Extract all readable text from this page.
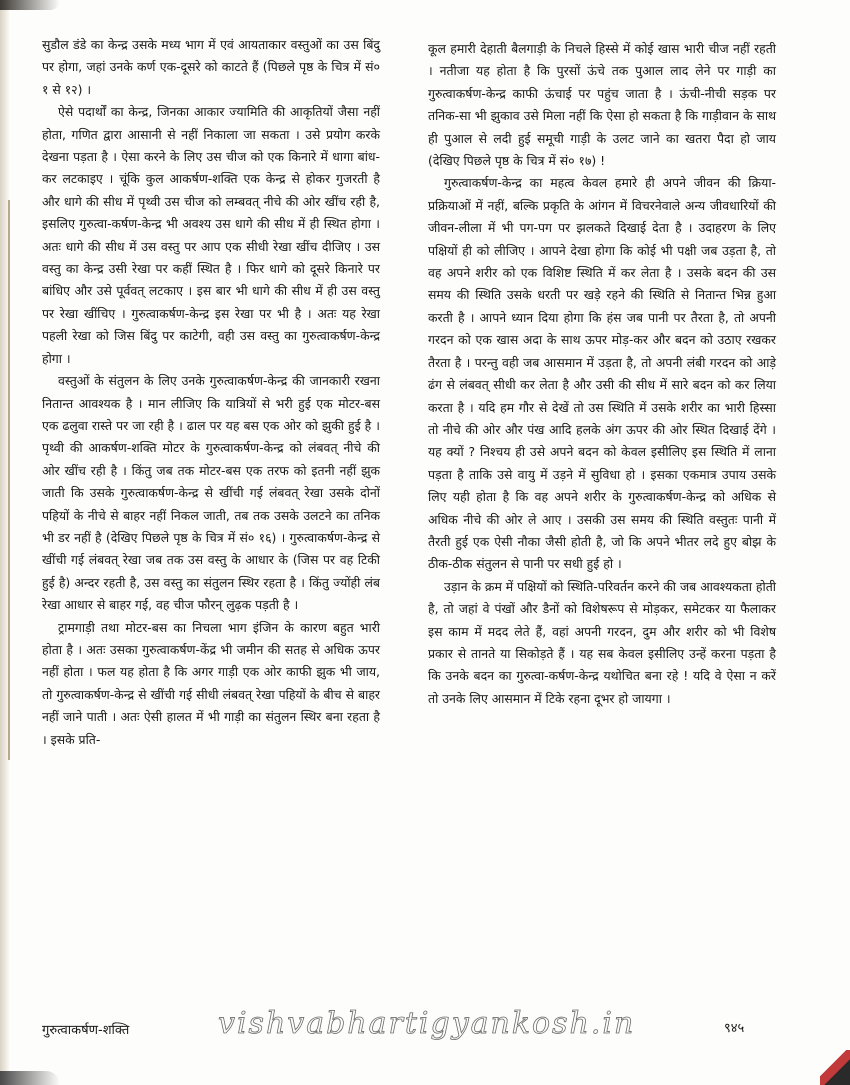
सुडौल डंडे का केन्द्र उसके मध्य भाग में एवं आयताकार वस्तुओं का उस बिंदु पर होगा, जहां उनके कर्ण एक-दूसरे को काटते हैं (पिछले पृष्ठ के चित्र में सं० १ से १२) ।

ऐसे पदार्थों का केन्द्र, जिनका आकार ज्यामिति की आकृतियों जैसा नहीं होता, गणित द्वारा आसानी से नहीं निकाला जा सकता । उसे प्रयोग करके देखना पड़ता है । ऐसा करने के लिए उस चीज को एक किनारे में धागा बांध-कर लटकाइए । चूंकि कुल आकर्षण-शक्ति एक केन्द्र से होकर गुजरती है और धागे की सीध में पृथ्वी उस चीज को लम्बवत् नीचे की ओर खींच रही है, इसलिए गुरुत्वा-कर्षण-केन्द्र भी अवश्य उस धागे की सीध में ही स्थित होगा । अतः धागे की सीध में उस वस्तु पर आप एक सीधी रेखा खींच दीजिए । उस वस्तु का केन्द्र उसी रेखा पर कहीं स्थित है । फिर धागे को दूसरे किनारे पर बांधिए और उसे पूर्ववत् लटकाए । इस बार भी धागे की सीध में ही उस वस्तु पर रेखा खींचिए । गुरुत्वाकर्षण-केन्द्र इस रेखा पर भी है । अतः यह रेखा पहली रेखा को जिस बिंदु पर काटेगी, वही उस वस्तु का गुरुत्वाकर्षण-केन्द्र होगा ।

वस्तुओं के संतुलन के लिए उनके गुरुत्वाकर्षण-केन्द्र की जानकारी रखना नितान्त आवश्यक है । मान लीजिए कि यात्रियों से भरी हुई एक मोटर-बस एक ढलुवा रास्ते पर जा रही है । ढाल पर यह बस एक ओर को झुकी हुई है । पृथ्वी की आकर्षण-शक्ति मोटर के गुरुत्वाकर्षण-केन्द्र को लंबवत् नीचे की ओर खींच रही है । किंतु जब तक मोटर-बस एक तरफ को इतनी नहीं झुक जाती कि उसके गुरुत्वाकर्षण-केन्द्र से खींची गई लंबवत् रेखा उसके दोनों पहियों के नीचे से बाहर नहीं निकल जाती, तब तक उसके उलटने का तनिक भी डर नहीं है (देखिए पिछले पृष्ठ के चित्र में सं० १६) । गुरुत्वाकर्षण-केन्द्र से खींची गई लंबवत् रेखा जब तक उस वस्तु के आधार के (जिस पर वह टिकी हुई है) अन्दर रहती है, उस वस्तु का संतुलन स्थिर रहता है । किंतु ज्योंही लंब रेखा आधार से बाहर गई, वह चीज फौरन् लुढ़क पड़ती है ।

ट्रामगाड़ी तथा मोटर-बस का निचला भाग इंजिन के कारण बहुत भारी होता है । अतः उसका गुरुत्वाकर्षण-केंद्र भी जमीन की सतह से अधिक ऊपर नहीं होता । फल यह होता है कि अगर गाड़ी एक ओर काफी झुक भी जाय, तो गुरुत्वाकर्षण-केन्द्र से खींची गई सीधी लंबवत् रेखा पहियों के बीच से बाहर नहीं जाने पाती । अतः ऐसी हालत में भी गाड़ी का संतुलन स्थिर बना रहता है । इसके प्रति-

कूल हमारी देहाती बैलगाड़ी के निचले हिस्से में कोई खास भारी चीज नहीं रहती । नतीजा यह होता है कि पुरसों ऊंचे तक पुआल लाद लेने पर गाड़ी का गुरुत्वाकर्षण-केन्द्र काफी ऊंचाई पर पहुंच जाता है । ऊंची-नीची सड़क पर तनिक-सा भी झुकाव उसे मिला नहीं कि ऐसा हो सकता है कि गाड़ीवान के साथ ही पुआल से लदी हुई समूची गाड़ी के उलट जाने का खतरा पैदा हो जाय (देखिए पिछले पृष्ठ के चित्र में सं० १७) !

गुरुत्वाकर्षण-केन्द्र का महत्व केवल हमारे ही अपने जीवन की क्रिया-प्रक्रियाओं में नहीं, बल्कि प्रकृति के आंगन में विचरनेवाले अन्य जीवधारियों की जीवन-लीला में भी पग-पग पर झलकते दिखाई देता है । उदाहरण के लिए पक्षियों ही को लीजिए । आपने देखा होगा कि कोई भी पक्षी जब उड़ता है, तो वह अपने शरीर को एक विशिष्ट स्थिति में कर लेता है । उसके बदन की उस समय की स्थिति उसके धरती पर खड़े रहने की स्थिति से नितान्त भिन्न हुआ करती है । आपने ध्यान दिया होगा कि हंस जब पानी पर तैरता है, तो अपनी गरदन को एक खास अदा के साथ ऊपर मोड़-कर और बदन को उठाए रखकर तैरता है । परन्तु वही जब आसमान में उड़ता है, तो अपनी लंबी गरदन को आड़े ढंग से लंबवत् सीधी कर लेता है और उसी की सीध में सारे बदन को कर लिया करता है । यदि हम गौर से देखें तो उस स्थिति में उसके शरीर का भारी हिस्सा तो नीचे की ओर और पंख आदि हलके अंग ऊपर की ओर स्थित दिखाई देंगे । यह क्यों ? निश्चय ही उसे अपने बदन को केवल इसीलिए इस स्थिति में लाना पड़ता है ताकि उसे वायु में उड़ने में सुविधा हो । इसका एकमात्र उपाय उसके लिए यही होता है कि वह अपने शरीर के गुरुत्वाकर्षण-केन्द्र को अधिक से अधिक नीचे की ओर ले आए । उसकी उस समय की स्थिति वस्तुतः पानी में तैरती हुई एक ऐसी नौका जैसी होती है, जो कि अपने भीतर लदे हुए बोझ के ठीक-ठीक संतुलन से पानी पर सधी हुई हो ।

उड़ान के क्रम में पक्षियों को स्थिति-परिवर्तन करने की जब आवश्यकता होती है, तो जहां वे पंखों और डैनों को विशेषरूप से मोड़कर, समेटकर या फैलाकर इस काम में मदद लेते हैं, वहां अपनी गरदन, दुम और शरीर को भी विशेष प्रकार से तानते या सिकोड़ते हैं । यह सब केवल इसीलिए उन्हें करना पड़ता है कि उनके बदन का गुरुत्वा-कर्षण-केन्द्र यथोचित बना रहे ! यदि वे ऐसा न करें तो उनके लिए आसमान में टिके रहना दूभर हो जायगा ।

गुरुत्वाकर्षण-शक्ति	vishvabhartigyankosh.in	९४५
